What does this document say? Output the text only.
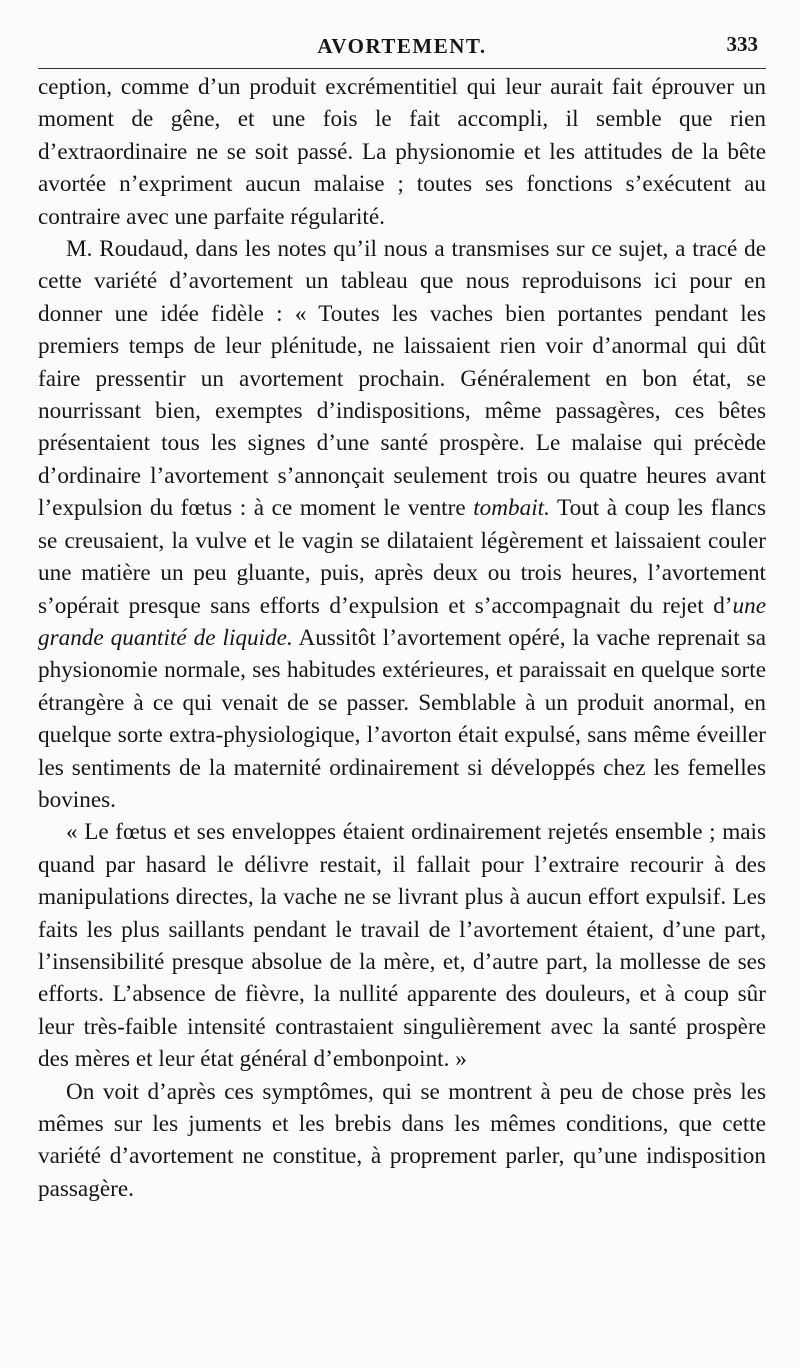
AVORTEMENT.	333

ception, comme d’un produit excrémentitiel qui leur aurait fait éprouver un moment de gêne, et une fois le fait accompli, il semble que rien d’extraordinaire ne se soit passé. La physionomie et les attitudes de la bête avortée n’expriment aucun malaise ; toutes ses fonctions s’exécutent au contraire avec une parfaite régularité.

M. Roudaud, dans les notes qu’il nous a transmises sur ce sujet, a tracé de cette variété d’avortement un tableau que nous reproduisons ici pour en donner une idée fidèle : « Toutes les vaches bien portantes pendant les premiers temps de leur plénitude, ne laissaient rien voir d’anormal qui dût faire pressentir un avortement prochain. Généralement en bon état, se nourrissant bien, exemptes d’indispositions, même passagères, ces bêtes présentaient tous les signes d’une santé prospère. Le malaise qui précède d’ordinaire l’avortement s’annonçait seulement trois ou quatre heures avant l’expulsion du fœtus : à ce moment le ventre tombait. Tout à coup les flancs se creusaient, la vulve et le vagin se dilataient légèrement et laissaient couler une matière un peu gluante, puis, après deux ou trois heures, l’avortement s’opérait presque sans efforts d’expulsion et s’accompagnait du rejet d’une grande quantité de liquide. Aussitôt l’avortement opéré, la vache reprenait sa physionomie normale, ses habitudes extérieures, et paraissait en quelque sorte étrangère à ce qui venait de se passer. Semblable à un produit anormal, en quelque sorte extra-physiologique, l’avorton était expulsé, sans même éveiller les sentiments de la maternité ordinairement si développés chez les femelles bovines.

« Le fœtus et ses enveloppes étaient ordinairement rejetés ensemble ; mais quand par hasard le délivre restait, il fallait pour l’extraire recourir à des manipulations directes, la vache ne se livrant plus à aucun effort expulsif. Les faits les plus saillants pendant le travail de l’avortement étaient, d’une part, l’insensibilité presque absolue de la mère, et, d’autre part, la mollesse de ses efforts. L’absence de fièvre, la nullité apparente des douleurs, et à coup sûr leur très-faible intensité contrastaient singulièrement avec la santé prospère des mères et leur état général d’embonpoint. »

On voit d’après ces symptômes, qui se montrent à peu de chose près les mêmes sur les juments et les brebis dans les mêmes conditions, que cette variété d’avortement ne constitue, à proprement parler, qu’une indisposition passagère.
